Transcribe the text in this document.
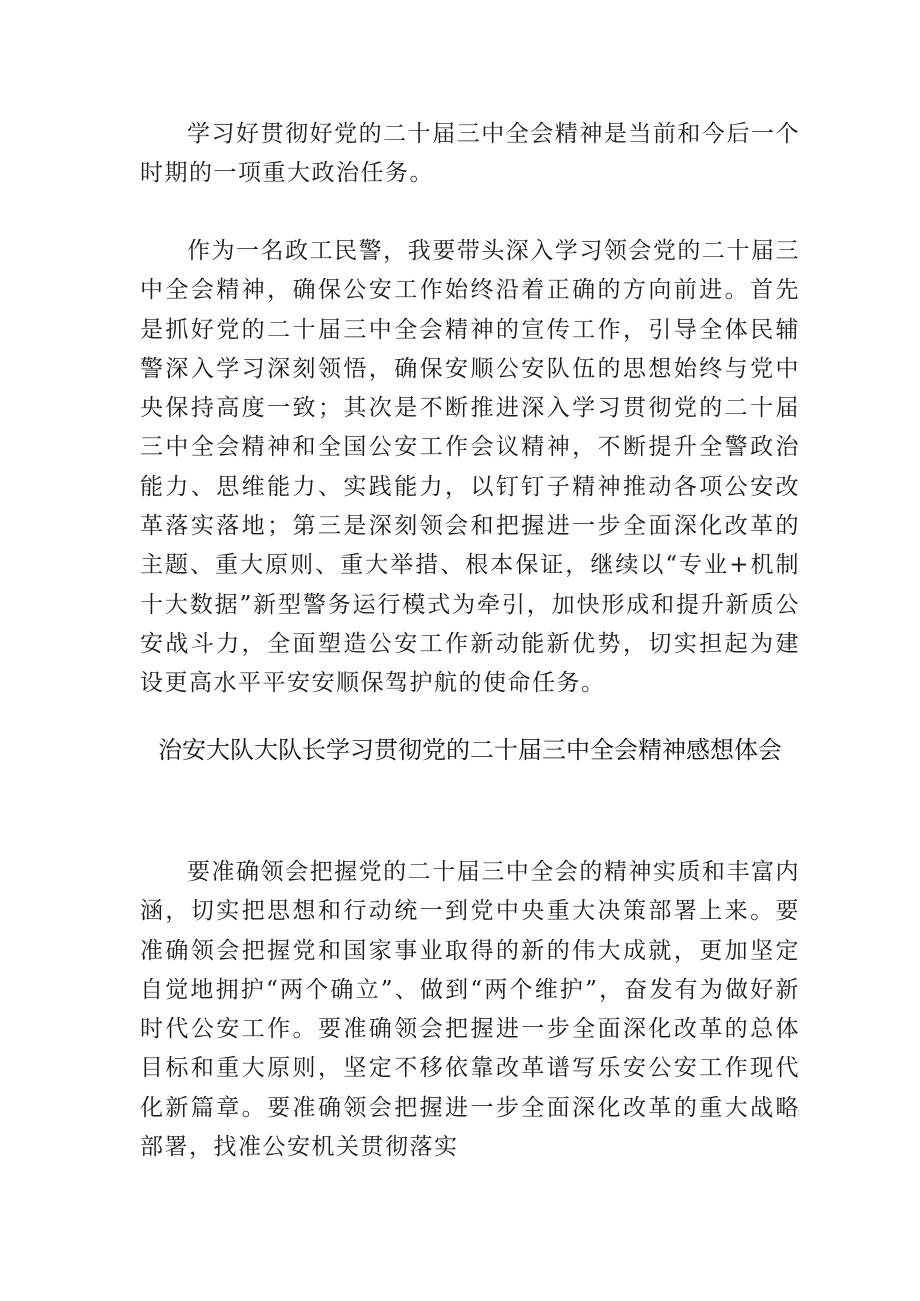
学习好贯彻好党的二十届三中全会精神是当前和今后一个时期的一项重大政治任务。

作为一名政工民警，我要带头深入学习领会党的二十届三中全会精神，确保公安工作始终沿着正确的方向前进。首先是抓好党的二十届三中全会精神的宣传工作，引导全体民辅警深入学习深刻领悟，确保安顺公安队伍的思想始终与党中央保持高度一致；其次是不断推进深入学习贯彻党的二十届三中全会精神和全国公安工作会议精神，不断提升全警政治能力、思维能力、实践能力，以钉钉子精神推动各项公安改革落实落地；第三是深刻领会和把握进一步全面深化改革的主题、重大原则、重大举措、根本保证，继续以“专业+机制十大数据”新型警务运行模式为牵引，加快形成和提升新质公安战斗力，全面塑造公安工作新动能新优势，切实担起为建设更高水平平安安顺保驾护航的使命任务。

治安大队大队长学习贯彻党的二十届三中全会精神感想体会

要准确领会把握党的二十届三中全会的精神实质和丰富内涵，切实把思想和行动统一到党中央重大决策部署上来。要准确领会把握党和国家事业取得的新的伟大成就，更加坚定自觉地拥护“两个确立”、做到“两个维护”，奋发有为做好新时代公安工作。要准确领会把握进一步全面深化改革的总体目标和重大原则，坚定不移依靠改革谱写乐安公安工作现代化新篇章。要准确领会把握进一步全面深化改革的重大战略部署，找准公安机关贯彻落实
